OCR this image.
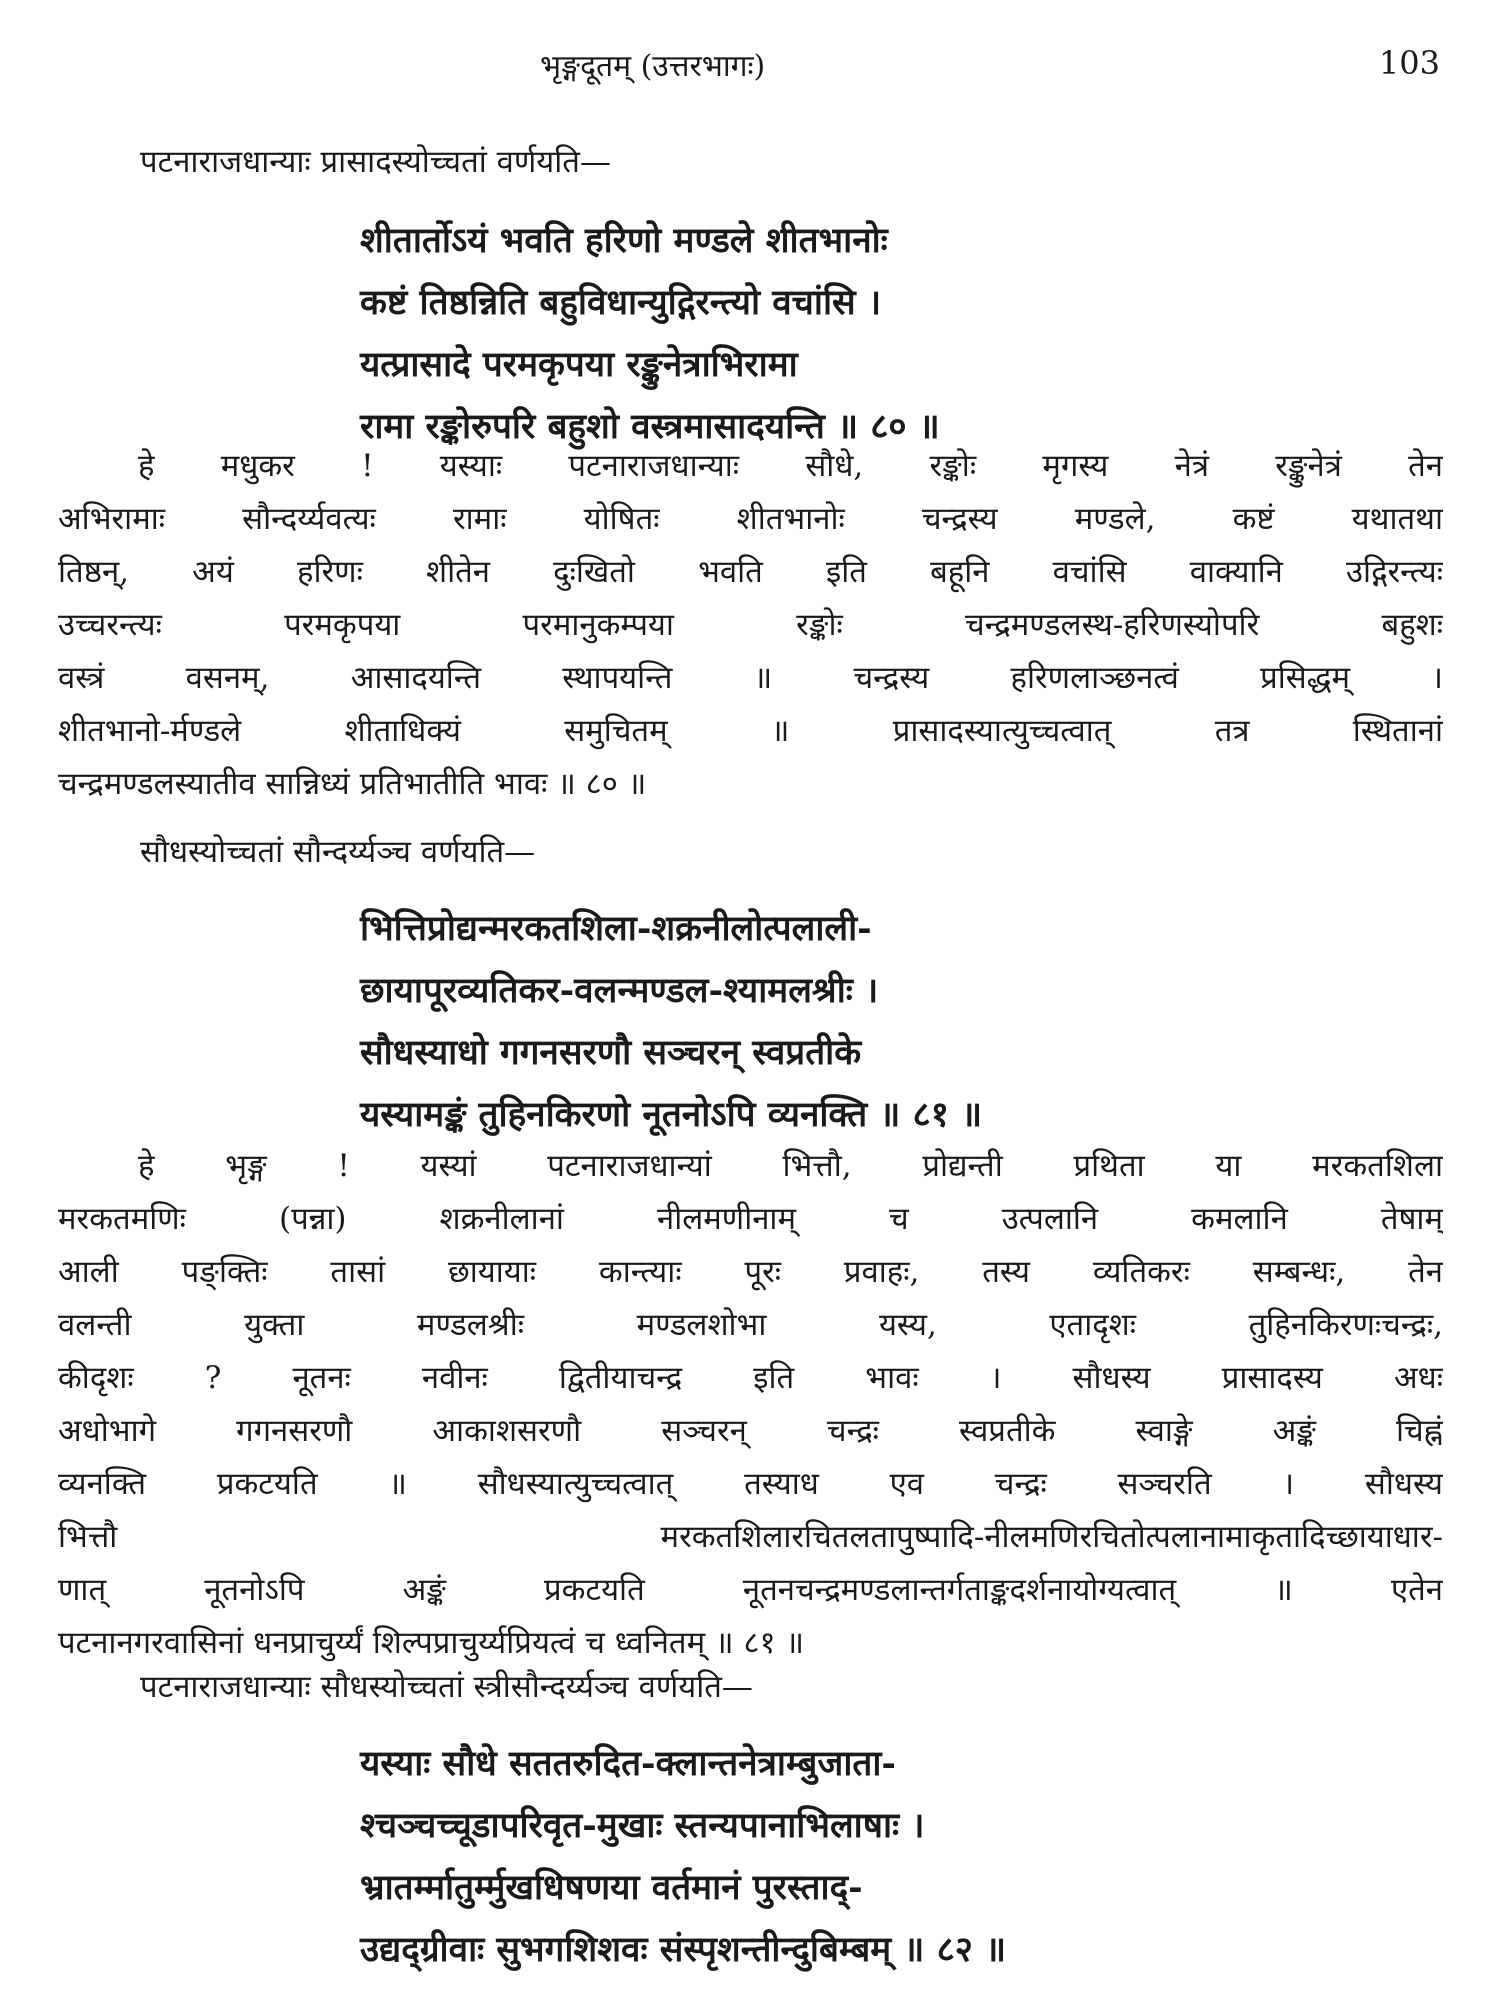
भृङ्गदूतम् (उत्तरभागः)	103
पटनाराजधान्याः प्रासादस्योच्चतां वर्णयति—
शीतार्तोऽयं भवति हरिणो मण्डले शीतभानोः
कष्टं तिष्ठन्निति बहुविधान्युद्गिरन्त्यो वचांसि ।
यत्प्रासादे परमकृपया रङ्कुनेत्राभिरामा
रामा रङ्कोरुपरि बहुशो वस्त्रमासादयन्ति ॥ ८० ॥
हे मधुकर ! यस्याः पटनाराजधान्याः सौधे, रङ्कोः मृगस्य नेत्रं रङ्कुनेत्रं तेन
अभिरामाः सौन्दर्य्यवत्यः रामाः योषितः शीतभानोः चन्द्रस्य मण्डले, कष्टं यथातथा
तिष्ठन्, अयं हरिणः शीतेन दुःखितो भवति इति बहूनि वचांसि वाक्यानि उद्गिरन्त्यः
उच्चरन्त्यः परमकृपया परमानुकम्पया रङ्कोः चन्द्रमण्डलस्थ-हरिणस्योपरि बहुशः
वस्त्रं वसनम्, आसादयन्ति स्थापयन्ति ॥ चन्द्रस्य हरिणलाञ्छनत्वं प्रसिद्धम् ।
शीतभानो-र्मण्डले शीताधिक्यं समुचितम् ॥ प्रासादस्यात्युच्चत्वात् तत्र स्थितानां
चन्द्रमण्डलस्यातीव सान्निध्यं प्रतिभातीति भावः ॥ ८० ॥
सौधस्योच्चतां सौन्दर्य्यञ्च वर्णयति—
भित्तिप्रोद्यन्मरकतशिला-शक्रनीलोत्पलाली-
छायापूरव्यतिकर-वलन्मण्डल-श्यामलश्रीः ।
सौधस्याधो गगनसरणौ सञ्चरन् स्वप्रतीके
यस्यामङ्कं तुहिनकिरणो नूतनोऽपि व्यनक्ति ॥ ८१ ॥
हे भृङ्ग ! यस्यां पटनाराजधान्यां भित्तौ, प्रोद्यन्ती प्रथिता या मरकतशिला
मरकतमणिः (पन्ना) शक्रनीलानां नीलमणीनाम् च उत्पलानि कमलानि तेषाम्
आली पङ्क्तिः तासां छायायाः कान्त्याः पूरः प्रवाहः, तस्य व्यतिकरः सम्बन्धः, तेन
वलन्ती युक्ता मण्डलश्रीः मण्डलशोभा यस्य, एतादृशः तुहिनकिरणःचन्द्रः,
कीदृशः ? नूतनः नवीनः द्वितीयाचन्द्र इति भावः । सौधस्य प्रासादस्य अधः
अधोभागे गगनसरणौ आकाशसरणौ सञ्चरन् चन्द्रः स्वप्रतीके स्वाङ्गे अङ्कं चिह्नं
व्यनक्ति प्रकटयति ॥ सौधस्यात्युच्चत्वात् तस्याध एव चन्द्रः सञ्चरति । सौधस्य
भित्तौ मरकतशिलारचितलतापुष्पादि-नीलमणिरचितोत्पलानामाकृतादिच्छायाधार-
णात् नूतनोऽपि अङ्कं प्रकटयति नूतनचन्द्रमण्डलान्तर्गताङ्कदर्शनायोग्यत्वात् ॥ एतेन
पटनानगरवासिनां धनप्राचुर्य्यं शिल्पप्राचुर्य्यप्रियत्वं च ध्वनितम् ॥ ८१ ॥
पटनाराजधान्याः सौधस्योच्चतां स्त्रीसौन्दर्य्यञ्च वर्णयति—
यस्याः सौधे सततरुदित-क्लान्तनेत्राम्बुजाता-
श्चञ्चच्चूडापरिवृत-मुखाः स्तन्यपानाभिलाषाः ।
भ्रातर्म्मातुर्म्मुखधिषणया वर्तमानं पुरस्ताद्-
उद्यद्ग्रीवाः सुभगशिशवः संस्पृशन्तीन्दुबिम्बम् ॥ ८२ ॥
